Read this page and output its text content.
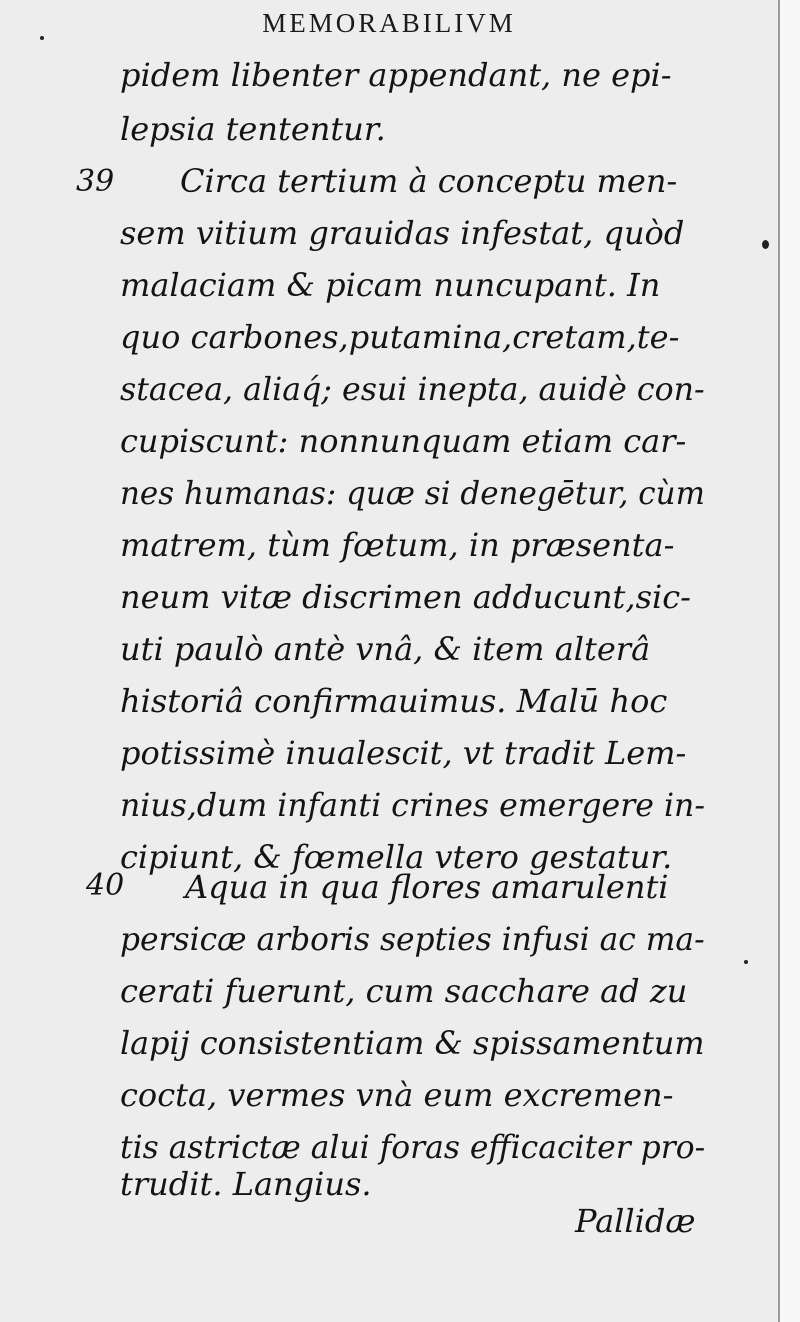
MEMORABILIVM
39
40
pidem libenter appendant, ne epi-
lepsia tententur.
Circa tertium à conceptu men-
sem vitium grauidas infestat, quòd
malaciam & picam nuncupant. In
quo carbones,putamina,cretam,te-
stacea, aliaq́; esui inepta, auidè con-
cupiscunt: nonnunquam etiam car-
nes humanas: quæ si denegētur, cùm
matrem, tùm fœtum, in præsenta-
neum vitæ discrimen adducunt,sic-
uti paulò antè vnâ, & item alterâ
historiâ confirmauimus. Malū hoc
potissimè inualescit, vt tradit Lem-
nius,dum infanti crines emergere in-
cipiunt, & fœmella vtero gestatur.
Aqua in qua flores amarulenti
persicæ arboris septies infusi ac ma-
cerati fuerunt, cum sacchare ad zu
lapij consistentiam & spissamentum
cocta, vermes vnà eum excremen-
tis astrictæ alui foras efficaciter pro-
trudit. Langius.
Pallidæ
